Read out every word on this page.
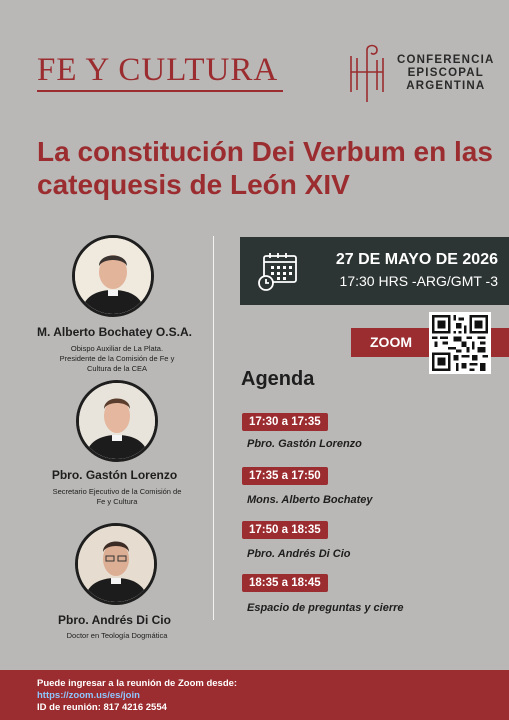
FE Y CULTURA	CONFERENCIA
EPISCOPAL
ARGENTINA
La constitución Dei Verbum en las catequesis de León XIV
M. Alberto Bochatey O.S.A.
Obispo Auxiliar de La Plata. Presidente de la Comisión de Fe y Cultura de la CEA
Pbro. Gastón Lorenzo
Secretario Ejecutivo de la Comisión de Fe y Cultura
Pbro. Andrés Di Cio
Doctor en Teología Dogmática
27 DE MAYO DE 2026
17:30 HRS -ARG/GMT -3
ZOOM
Agenda
17:30 a 17:35
Pbro. Gastón Lorenzo
17:35 a 17:50
Mons. Alberto Bochatey
17:50 a 18:35
Pbro. Andrés Di Cio
18:35 a 18:45
Espacio de preguntas y cierre
Puede ingresar a la reunión de Zoom desde:
https://zoom.us/es/join
ID de reunión: 817 4216 2554
